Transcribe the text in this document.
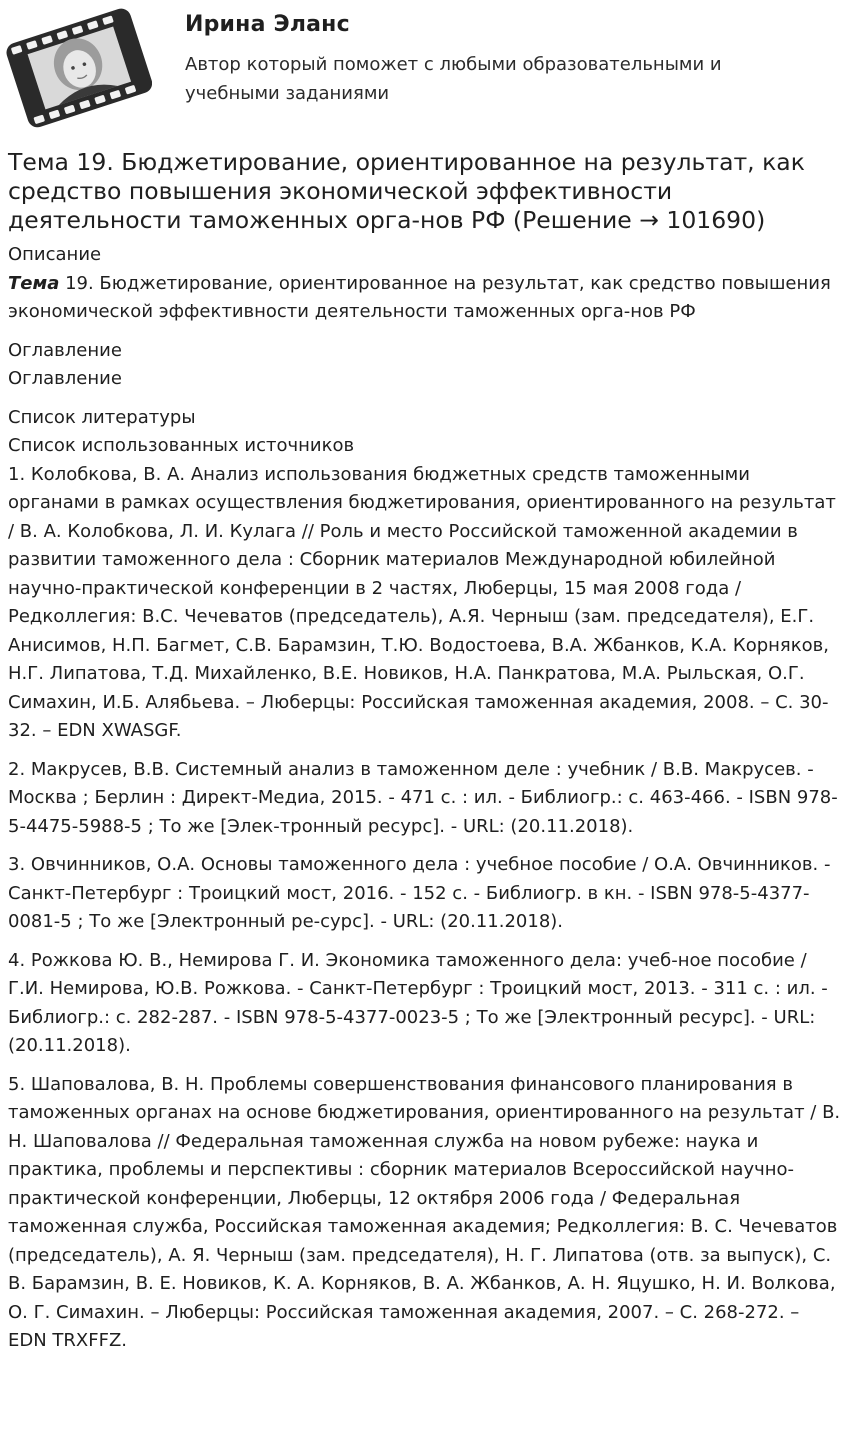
Ирина Эланс
Автор который поможет с любыми образовательными и учебными заданиями
Тема 19. Бюджетирование, ориентированное на результат, как средство повышения экономической эффективности деятельности таможенных орга-нов РФ (Решение → 101690)
Описание
Тема 19. Бюджетирование, ориентированное на результат, как средство повышения экономической эффективности деятельности таможенных орга-нов РФ
Оглавление
Оглавление
Список литературы
Список использованных источников
1. Колобкова, В. А. Анализ использования бюджетных средств таможенными органами в рамках осуществления бюджетирования, ориентированного на результат / В. А. Колобкова, Л. И. Кулага // Роль и место Российской таможенной академии в развитии таможенного дела : Сборник материалов Международной юбилейной научно-практической конференции в 2 частях, Люберцы, 15 мая 2008 года / Редколлегия: В.С. Чечеватов (председатель), А.Я. Черныш (зам. председателя), Е.Г. Анисимов, Н.П. Багмет, С.В. Барамзин, Т.Ю. Водостоева, В.А. Жбанков, К.А. Корняков, Н.Г. Липатова, Т.Д. Михайленко, В.Е. Новиков, Н.А. Панкратова, М.А. Рыльская, О.Г. Симахин, И.Б. Алябьева. – Люберцы: Российская таможенная академия, 2008. – С. 30-32. – EDN XWASGF.
2. Макрусев, В.В. Системный анализ в таможенном деле : учебник / В.В. Макрусев. - Москва ; Берлин : Директ-Медиа, 2015. - 471 с. : ил. - Библиогр.: с. 463-466. - ISBN 978-5-4475-5988-5 ; То же [Элек-тронный ресурс]. - URL: (20.11.2018).
3. Овчинников, О.А. Основы таможенного дела : учебное пособие / О.А. Овчинников. - Санкт-Петербург : Троицкий мост, 2016. - 152 с. - Библиогр. в кн. - ISBN 978-5-4377-0081-5 ; То же [Электронный ре-сурс]. - URL: (20.11.2018).
4. Рожкова Ю. В., Немирова Г. И. Экономика таможенного дела: учеб-ное пособие / Г.И. Немирова, Ю.В. Рожкова. - Санкт-Петербург : Троицкий мост, 2013. - 311 с. : ил. - Библиогр.: с. 282-287. - ISBN 978-5-4377-0023-5 ; То же [Электронный ресурс]. - URL: (20.11.2018).
5. Шаповалова, В. Н. Проблемы совершенствования финансового планирования в таможенных органах на основе бюджетирования, ориентированного на результат / В. Н. Шаповалова // Федеральная таможенная служба на новом рубеже: наука и практика, проблемы и перспективы : сборник материалов Всероссийской научно-практической конференции, Люберцы, 12 октября 2006 года / Федеральная таможенная служба, Российская таможенная академия; Редколлегия: В. С. Чечеватов (председатель), А. Я. Черныш (зам. председателя), Н. Г. Липатова (отв. за выпуск), С. В. Барамзин, В. Е. Новиков, К. А. Корняков, В. А. Жбанков, А. Н. Яцушко, Н. И. Волкова, О. Г. Симахин. – Люберцы: Российская таможенная академия, 2007. – С. 268-272. – EDN TRXFFZ.
